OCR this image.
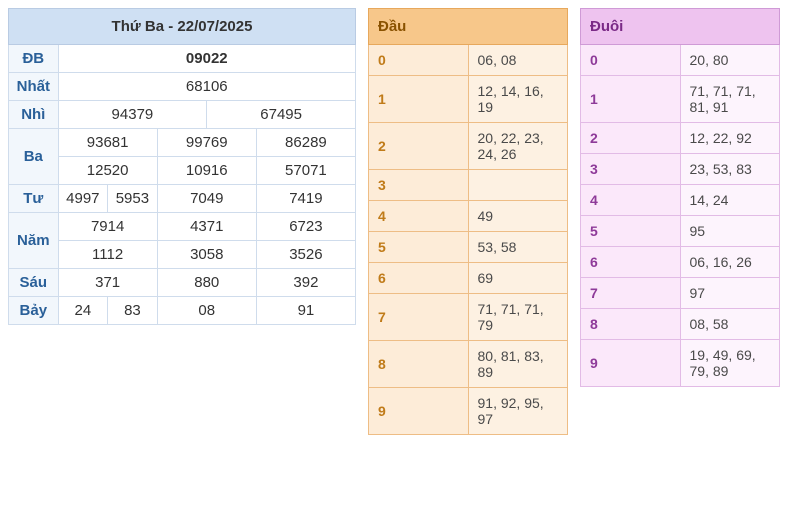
Thứ Ba - 22/07/2025					
ĐB	09022				
Nhất	68106				
Nhì	94379			67495	
Ba	93681		99769		86289
	12520		10916		57071
Tư	4997	5953	7049		7419
Năm	7914		4371		6723
	1112		3058		3526
Sáu	371		880		392
Bảy	24	83	08		91
Đầu	
0	06, 08
1	12, 14, 16, 19
2	20, 22, 23, 24, 26
3	
4	49
5	53, 58
6	69
7	71, 71, 71, 79
8	80, 81, 83, 89
9	91, 92, 95, 97
Đuôi	
0	20, 80
1	71, 71, 71, 81, 91
2	12, 22, 92
3	23, 53, 83
4	14, 24
5	95
6	06, 16, 26
7	97
8	08, 58
9	19, 49, 69, 79, 89
